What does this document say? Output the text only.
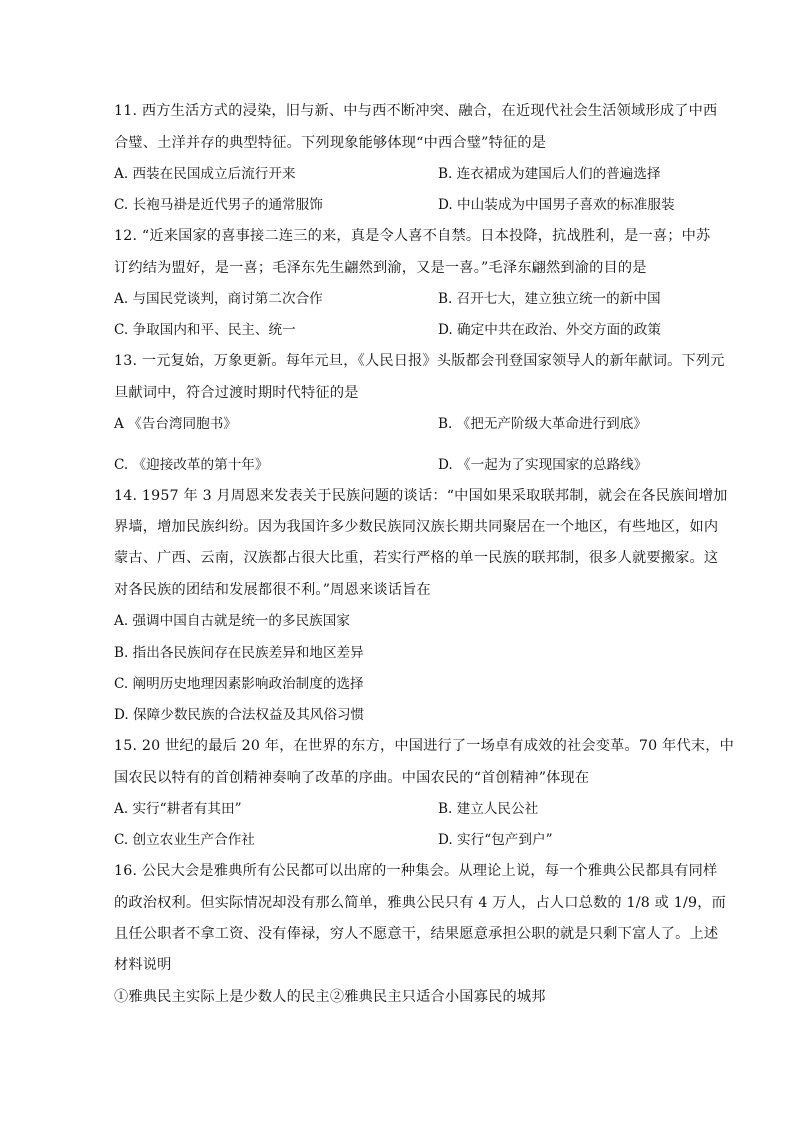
11. 西方生活方式的浸染，旧与新、中与西不断冲突、融合，在近现代社会生活领域形成了中西
合璧、土洋并存的典型特征。下列现象能够体现“中西合璧”特征的是
A. 西装在民国成立后流行开来	B. 连衣裙成为建国后人们的普遍选择
C. 长袍马褂是近代男子的通常服饰	D. 中山装成为中国男子喜欢的标准服装
12. “近来国家的喜事接二连三的来，真是令人喜不自禁。日本投降，抗战胜利，是一喜；中苏
订约结为盟好，是一喜；毛泽东先生翩然到渝，又是一喜。”毛泽东翩然到渝的目的是
A. 与国民党谈判，商讨第二次合作	B. 召开七大，建立独立统一的新中国
C. 争取国内和平、民主、统一	D. 确定中共在政治、外交方面的政策
13. 一元复始，万象更新。每年元旦，《人民日报》头版都会刊登国家领导人的新年献词。下列元
旦献词中，符合过渡时期时代特征的是
A 《告台湾同胞书》	B. 《把无产阶级大革命进行到底》
C. 《迎接改革的第十年》	D. 《一起为了实现国家的总路线》
14. 1957 年 3 月周恩来发表关于民族问题的谈话：“中国如果采取联邦制，就会在各民族间增加
界墙，增加民族纠纷。因为我国许多少数民族同汉族长期共同聚居在一个地区，有些地区，如内
蒙古、广西、云南，汉族都占很大比重，若实行严格的单一民族的联邦制，很多人就要搬家。这
对各民族的团结和发展都很不利。”周恩来谈话旨在
A. 强调中国自古就是统一的多民族国家
B. 指出各民族间存在民族差异和地区差异
C. 阐明历史地理因素影响政治制度的选择
D. 保障少数民族的合法权益及其风俗习惯
15. 20 世纪的最后 20 年，在世界的东方，中国进行了一场卓有成效的社会变革。70 年代末，中
国农民以特有的首创精神奏响了改革的序曲。中国农民的“首创精神”体现在
A. 实行“耕者有其田”	B. 建立人民公社
C. 创立农业生产合作社	D. 实行“包产到户”
16. 公民大会是雅典所有公民都可以出席的一种集会。从理论上说，每一个雅典公民都具有同样
的政治权利。但实际情况却没有那么简单，雅典公民只有 4 万人，占人口总数的 1/8 或 1/9，而
且任公职者不拿工资、没有俸禄，穷人不愿意干，结果愿意承担公职的就是只剩下富人了。上述
材料说明
①雅典民主实际上是少数人的民主②雅典民主只适合小国寡民的城邦
